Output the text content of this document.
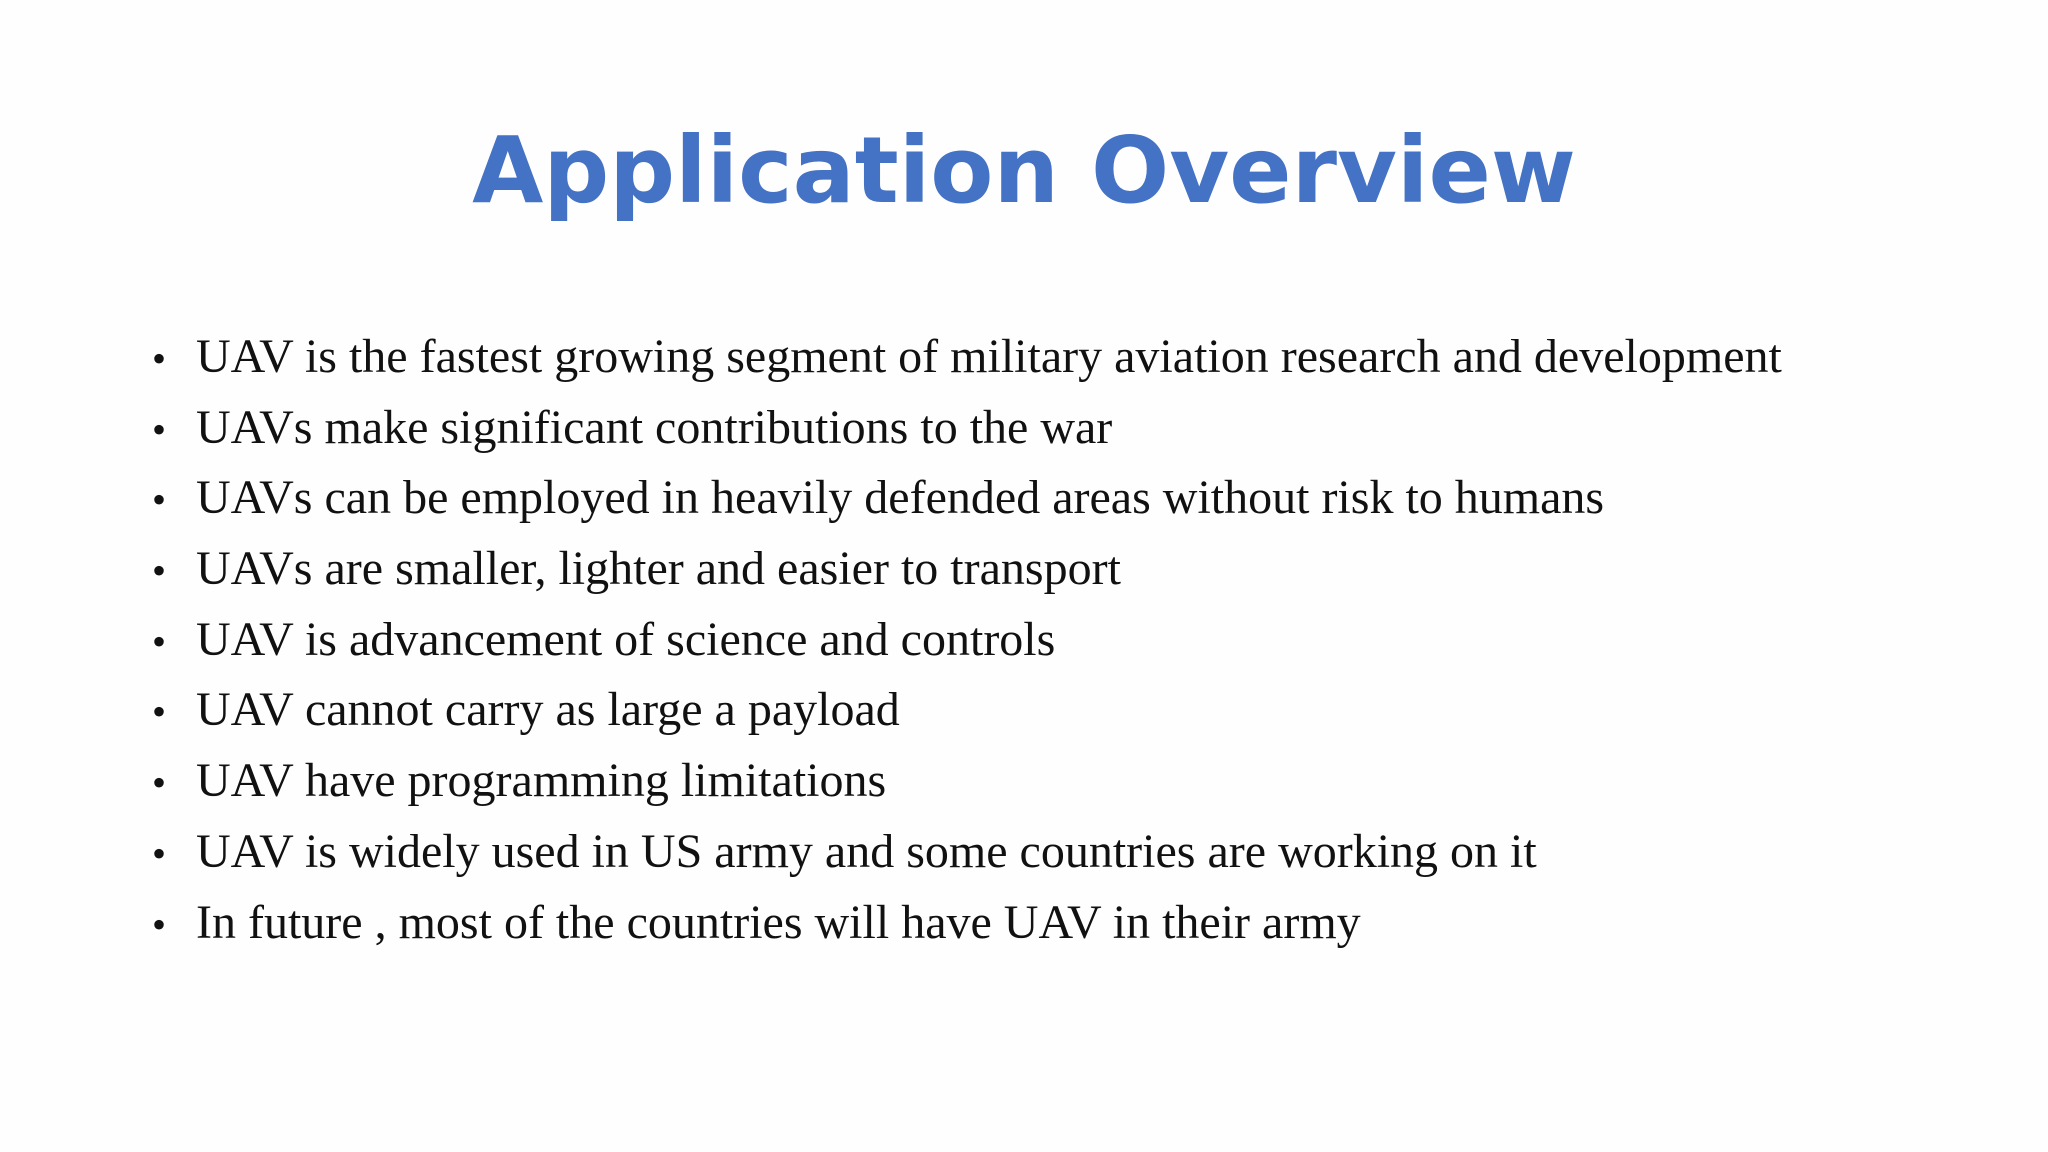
Application Overview
• UAV is the fastest growing segment of military aviation research and development
• UAVs make significant contributions to the war
• UAVs can be employed in heavily defended areas without risk to humans
• UAVs are smaller, lighter and easier to transport
• UAV is advancement of science and controls
• UAV cannot carry as large a payload
• UAV have programming limitations
• UAV is widely used in US army and some countries are working on it
• In future , most of the countries will have UAV in their army
